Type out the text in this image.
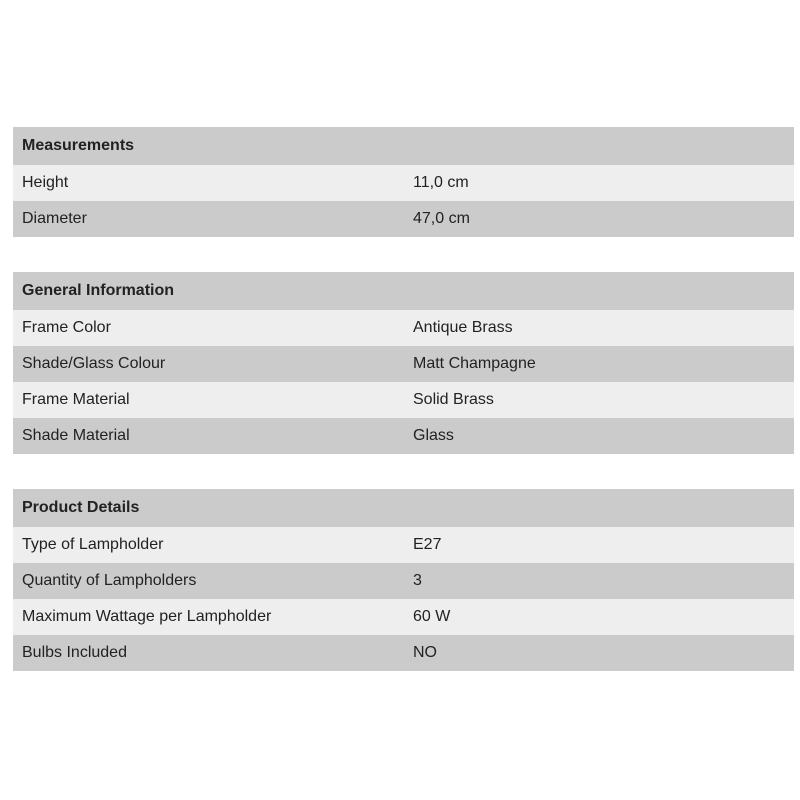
Measurements
Height	11,0 cm
Diameter	47,0 cm
General Information
Frame Color	Antique Brass
Shade/Glass Colour	Matt Champagne
Frame Material	Solid Brass
Shade Material	Glass
Product Details
Type of Lampholder	E27
Quantity of Lampholders	3
Maximum Wattage per Lampholder	60 W
Bulbs Included	NO
